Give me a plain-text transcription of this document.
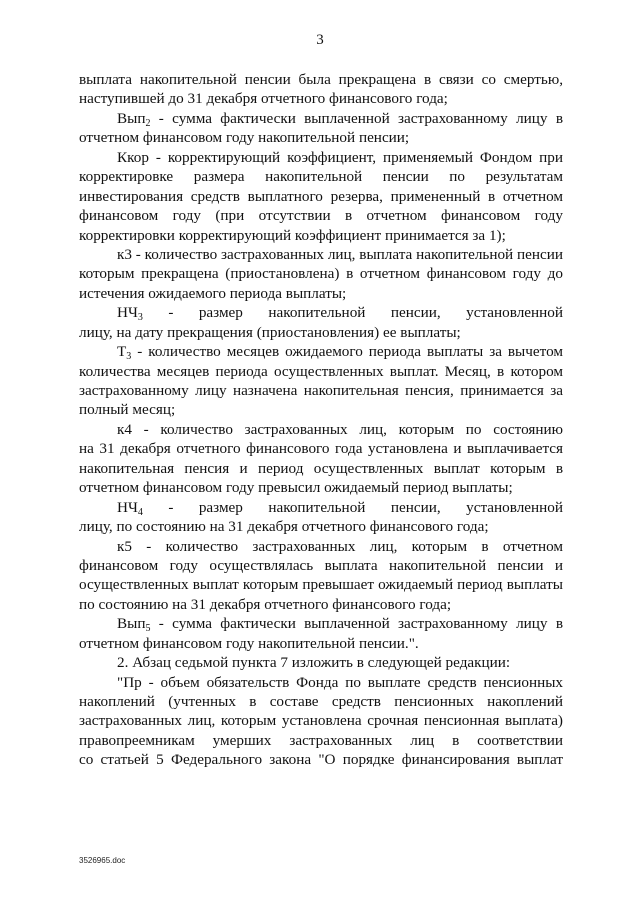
3
выплата накопительной пенсии была прекращена в связи со смертью,
наступившей до 31 декабря отчетного финансового года;
Вып$_2$ - сумма фактически выплаченной застрахованному лицу в
отчетном финансовом году накопительной пенсии;
Ккор - корректирующий коэффициент, применяемый Фондом при
корректировке размера накопительной пенсии по результатам
инвестирования средств выплатного резерва, примененный в отчетном
финансовом году (при отсутствии в отчетном финансовом году
корректировки корректирующий коэффициент принимается за 1);
к3 - количество застрахованных лиц, выплата накопительной пенсии
которым прекращена (приостановлена) в отчетном финансовом году до
истечения ожидаемого периода выплаты;
$НЧ_3$ - размер накопительной пенсии, установленной
лицу, на дату прекращения (приостановления) ее выплаты;
$Т_3$ - количество месяцев ожидаемого периода выплаты за вычетом
количества месяцев периода осуществленных выплат. Месяц, в котором
застрахованному лицу назначена накопительная пенсия, принимается за
полный месяц;
к4 - количество застрахованных лиц, которым по состоянию
на 31 декабря отчетного финансового года установлена и выплачивается
накопительная пенсия и период осуществленных выплат которым в
отчетном финансовом году превысил ожидаемый период выплаты;
$НЧ_4$ - размер накопительной пенсии, установленной
лицу, по состоянию на 31 декабря отчетного финансового года;
к5 - количество застрахованных лиц, которым в отчетном
финансовом году осуществлялась выплата накопительной пенсии и
осуществленных выплат которым превышает ожидаемый период выплаты
по состоянию на 31 декабря отчетного финансового года;
Вып$_5$ - сумма фактически выплаченной застрахованному лицу в
отчетном финансовом году накопительной пенсии.".
2. Абзац седьмой пункта 7 изложить в следующей редакции:
"Пр - объем обязательств Фонда по выплате средств пенсионных
накоплений (учтенных в составе средств пенсионных накоплений
застрахованных лиц, которым установлена срочная пенсионная выплата)
правопреемникам умерших застрахованных лиц в соответствии
со статьей 5 Федерального закона "О порядке финансирования выплат
3526965.doc
